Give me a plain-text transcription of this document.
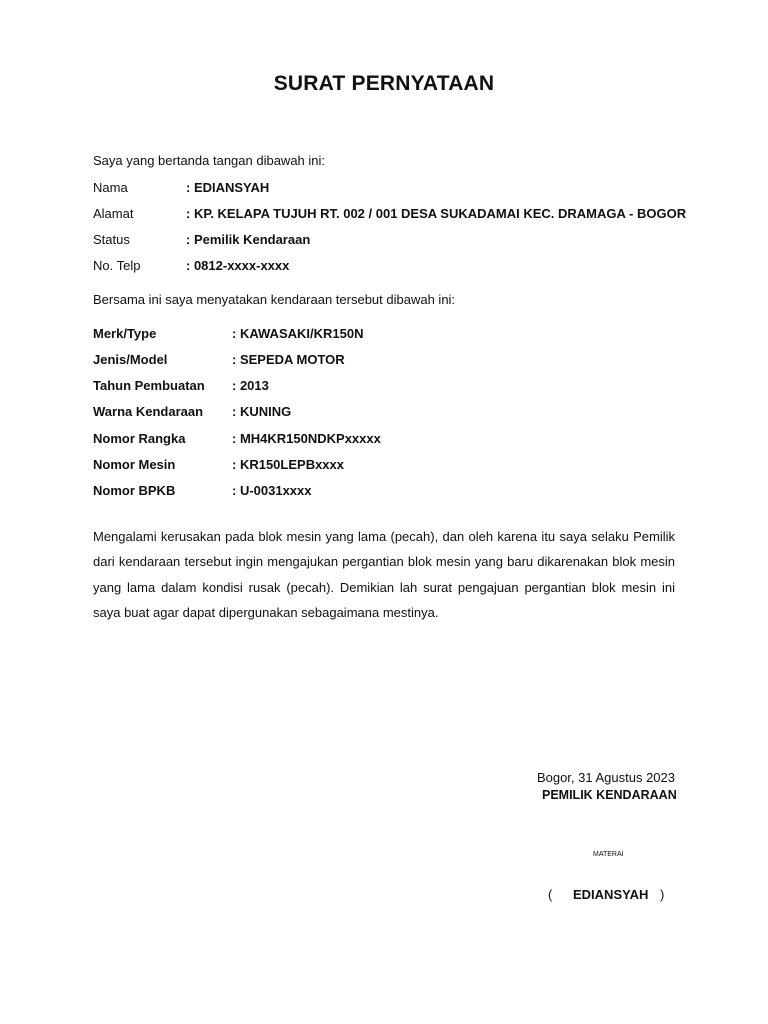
SURAT PERNYATAAN
Saya yang bertanda tangan dibawah ini:
Nama	: EDIANSYAH
Alamat	: KP. KELAPA TUJUH RT. 002 / 001 DESA SUKADAMAI KEC. DRAMAGA - BOGOR
Status	: Pemilik Kendaraan
No. Telp	: 0812-xxxx-xxxx
Bersama ini saya menyatakan kendaraan tersebut dibawah ini:
Merk/Type	: KAWASAKI/KR150N
Jenis/Model	: SEPEDA MOTOR
Tahun Pembuatan : 2013
Warna Kendaraan : KUNING
Nomor Rangka	: MH4KR150NDKPxxxxx
Nomor Mesin	: KR150LEPBxxxx
Nomor BPKB	: U-0031xxxx
Mengalami kerusakan pada blok mesin yang lama (pecah), dan oleh karena itu saya selaku Pemilik dari kendaraan tersebut ingin mengajukan pergantian blok mesin yang baru dikarenakan blok mesin yang lama dalam kondisi rusak (pecah). Demikian lah surat pengajuan pergantian blok mesin ini saya buat agar dapat dipergunakan sebagaimana mestinya.
Bogor, 31 Agustus 2023
PEMILIK KENDARAAN
MATERAI
( EDIANSYAH )
